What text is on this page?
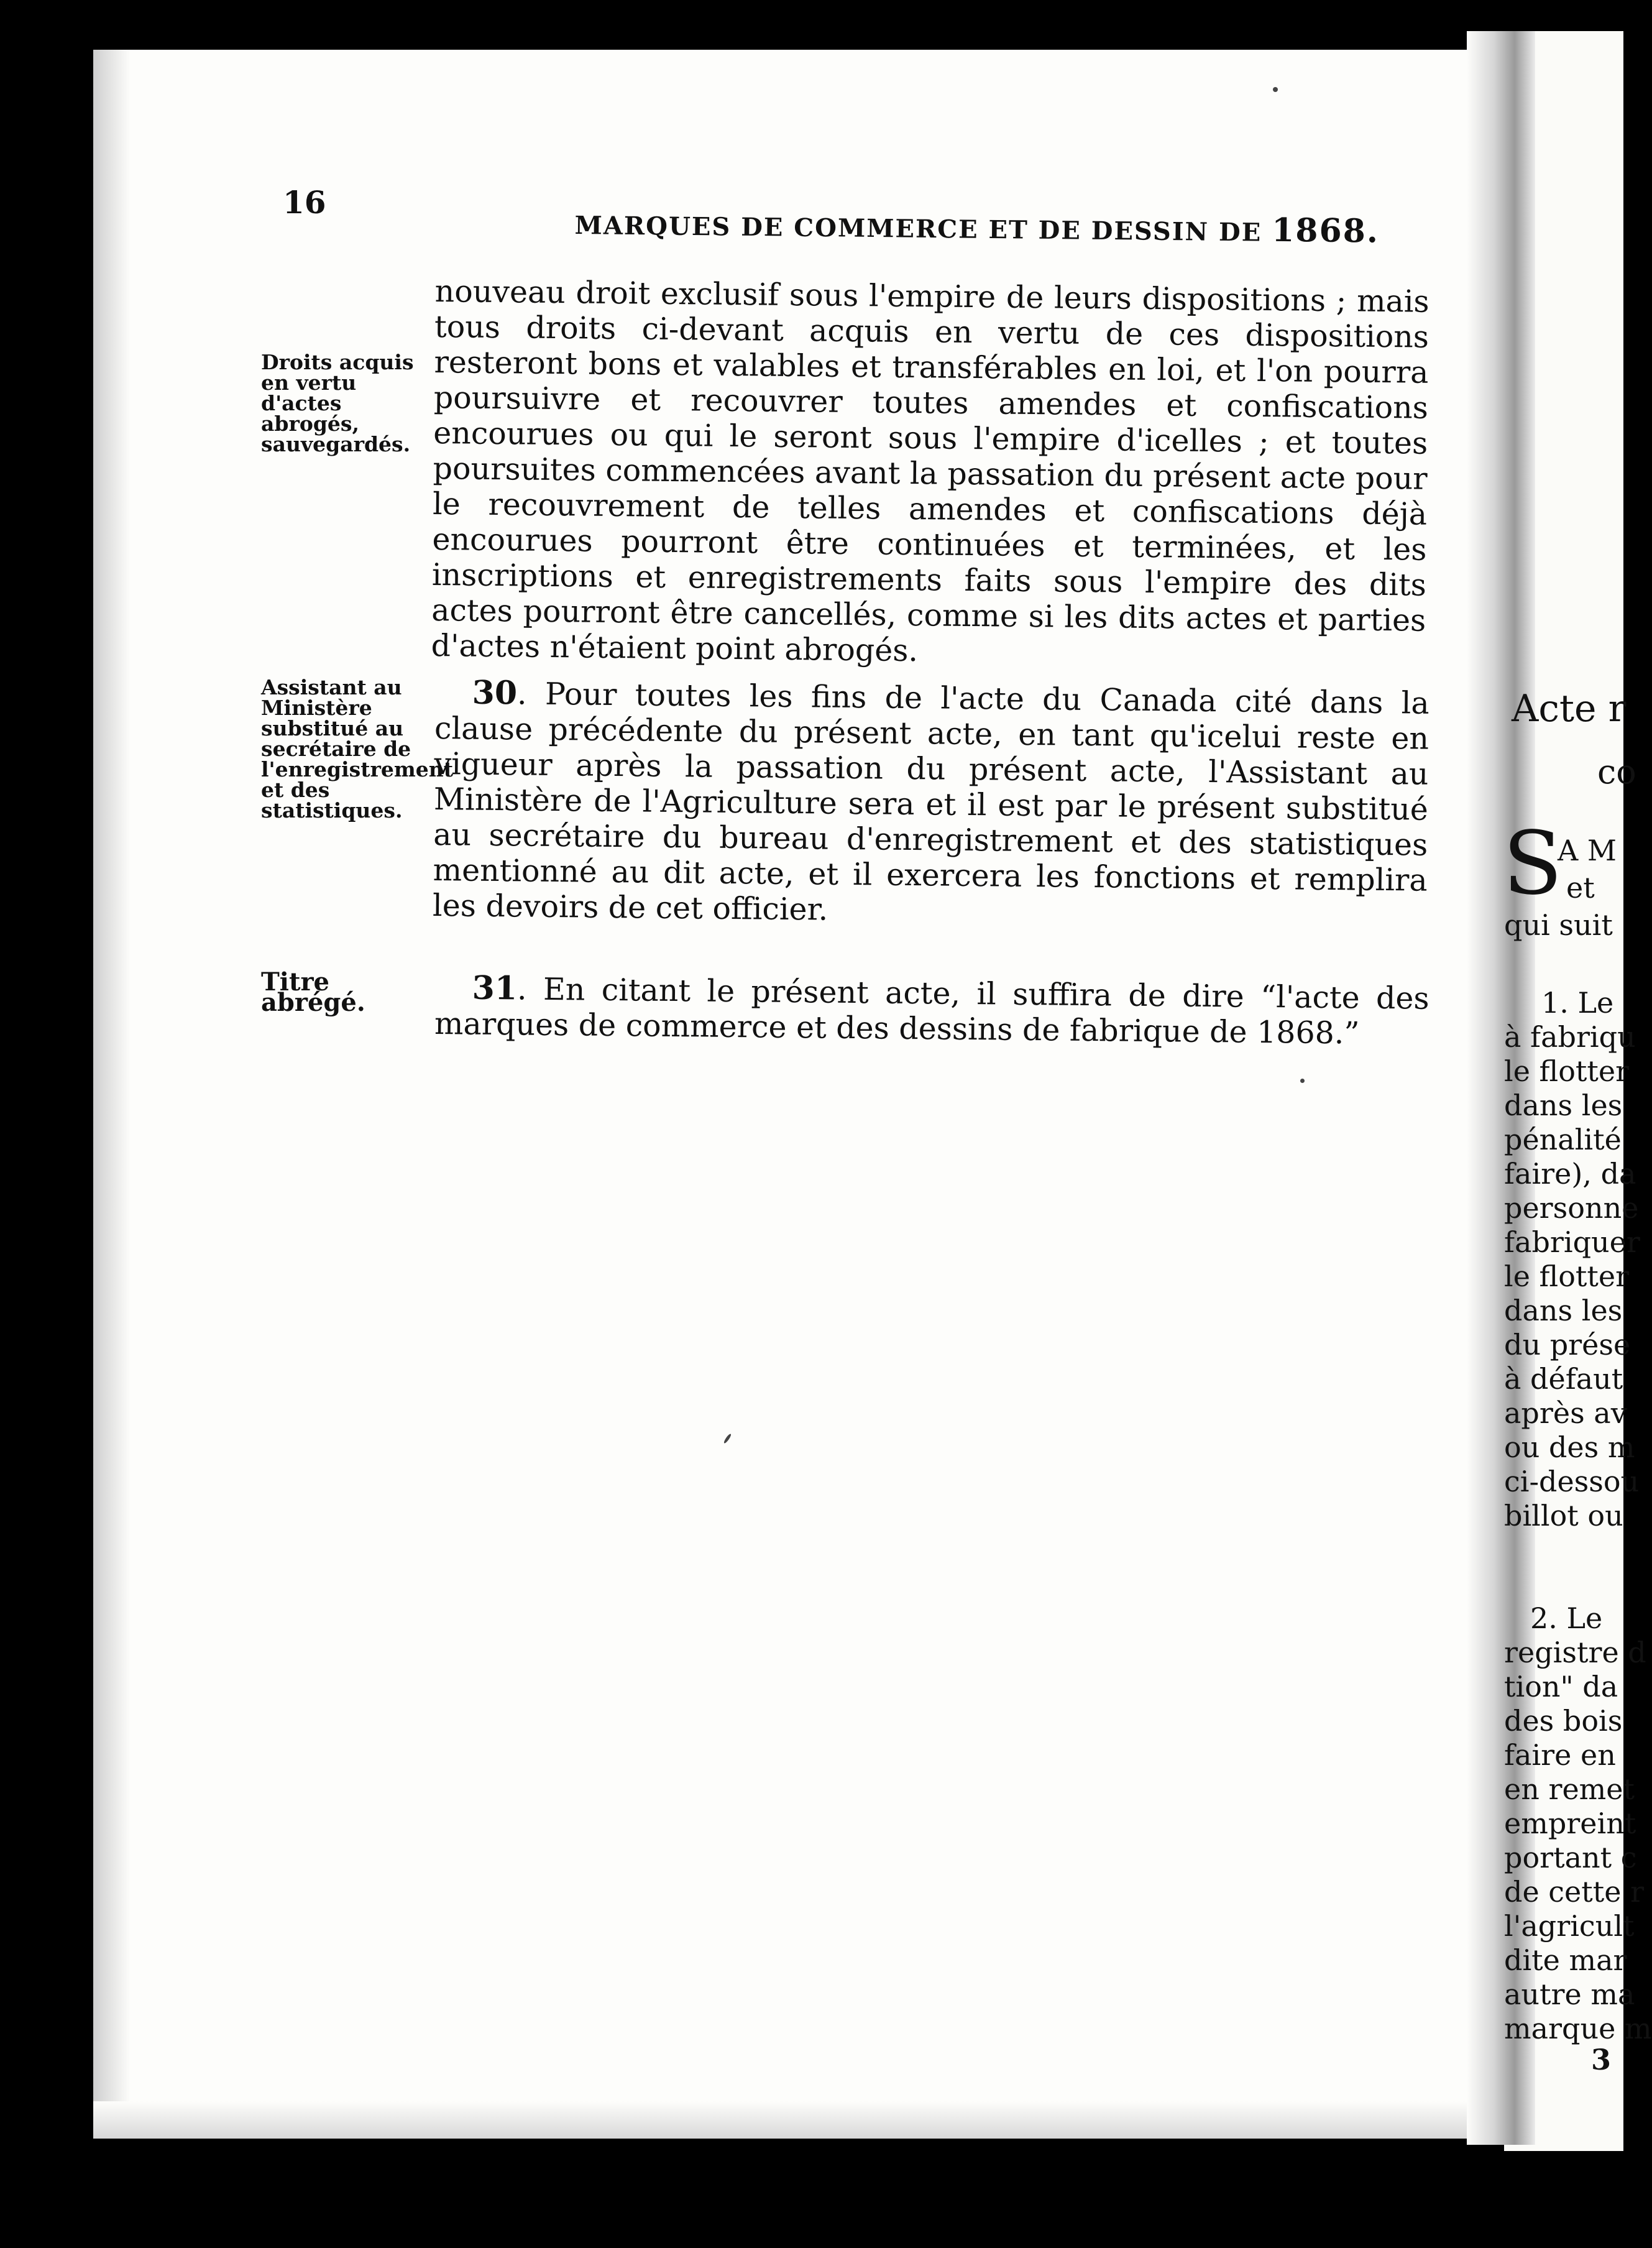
16
MARQUES DE COMMERCE ET DE DESSIN DE 1868.
Droits acquis en vertu d'actes abrogés, sauvegardés.
nouveau droit exclusif sous l'empire de leurs dispositions ; mais tous droits ci-devant acquis en vertu de ces dispositions resteront bons et valables et transférables en loi, et l'on pourra poursuivre et recouvrer toutes amendes et confiscations encourues ou qui le seront sous l'empire d'icelles ; et toutes poursuites commencées avant la passation du présent acte pour le recouvrement de telles amendes et confiscations déjà encourues pourront être continuées et terminées, et les inscriptions et enregistrements faits sous l'empire des dits actes pourront être cancellés, comme si les dits actes et parties d'actes n'étaient point abrogés.
Assistant au Ministère substitué au secrétaire de l'enregistrement et des statistiques.
30. Pour toutes les fins de l'acte du Canada cité dans la clause précédente du présent acte, en tant qu'icelui reste en vigueur après la passation du présent acte, l'Assistant au Ministère de l'Agriculture sera et il est par le présent substitué au secrétaire du bureau d'enregistrement et des statistiques mentionné au dit acte, et il exercera les fonctions et remplira les devoirs de cet officier.
Titre abrégé.	31. En citant le présent acte, il suffira de dire “l'acte des marques de commerce et des dessins de fabrique de 1868.”
Acte r
co
S
A M
et
qui suit
1. Le
à fabriqu
le flotter
dans les
pénalité
faire), da
personne
fabriquer
le flotter
dans les
du prése
à défaut
après av
ou des m
ci-dessou
billot ou
2. Le
registre d
tion" da
des bois
faire en
en remet
empreint
portant c
de cette r
l'agricult
dite mar
autre ma
marque m
3
